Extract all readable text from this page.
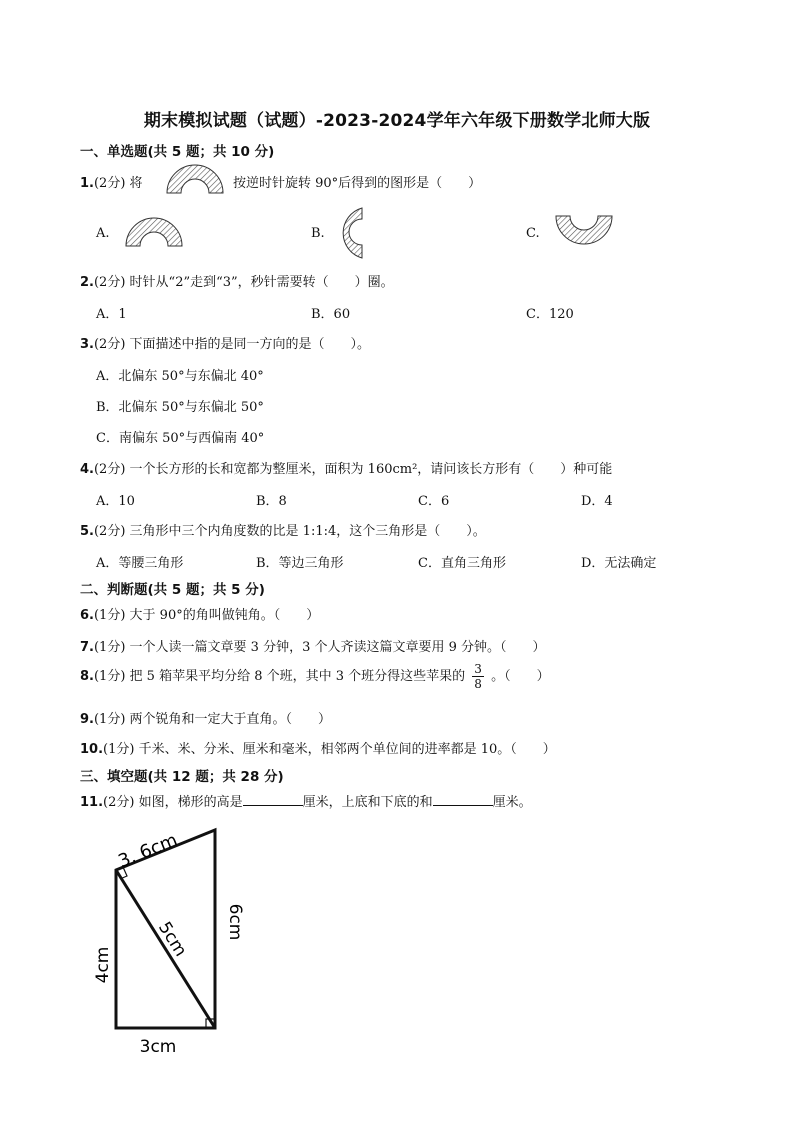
期末模拟试题（试题）-2023-2024学年六年级下册数学北师大版
一、单选题(共 5 题；共 10 分)
1.(2分) 将	按逆时针旋转 90°后得到的图形是（　　）
A.	B.	C.
2.(2分) 时针从“2”走到“3”，秒针需要转（　　）圈。
A．1	B．60	C．120
3.(2分) 下面描述中指的是同一方向的是（　　）。
A．北偏东 50°与东偏北 40°
B．北偏东 50°与东偏北 50°
C．南偏东 50°与西偏南 40°
4.(2分) 一个长方形的长和宽都为整厘米，面积为 160cm²，请问该长方形有（　　）种可能
A．10	B．8	C．6	D．4
5.(2分) 三角形中三个内角度数的比是 1:1:4，这个三角形是（　　）。
A．等腰三角形	B．等边三角形	C．直角三角形	D．无法确定
二、判断题(共 5 题；共 5 分)
6.(1分) 大于 90°的角叫做钝角。（　　）
7.(1分) 一个人读一篇文章要 3 分钟，3 个人齐读这篇文章要用 9 分钟。（　　）
8.(1分) 把 5 箱苹果平均分给 8 个班，其中 3 个班分得这些苹果的 $\frac{3}{8}$ 。（　　）
9.(1分) 两个锐角和一定大于直角。（　　）
10.(1分) 千米、米、分米、厘米和毫米，相邻两个单位间的进率都是 10。（　　）
三、填空题(共 12 题；共 28 分)
11.(2分) 如图，梯形的高是	厘米，上底和下底的和	厘米。
3. 6cm
6cm
5cm
4cm
3cm
